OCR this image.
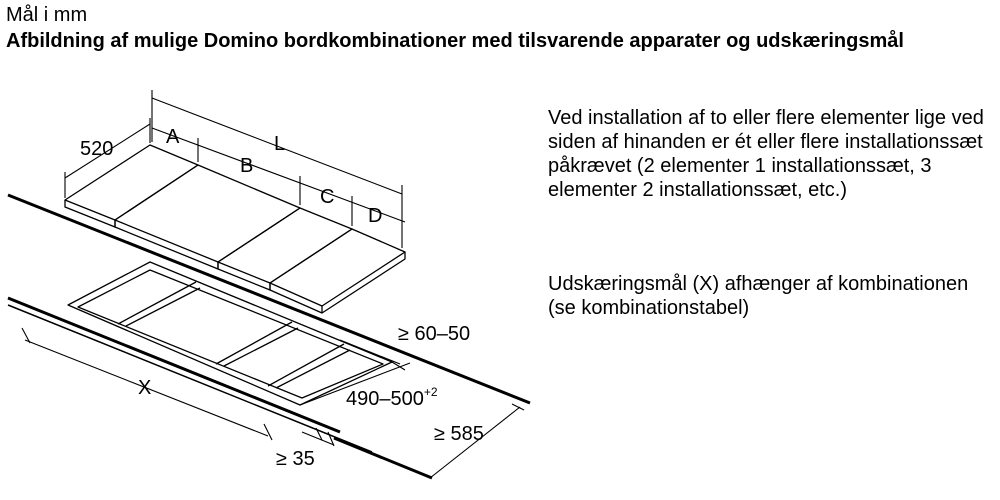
Mål i mm
Afbildning af mulige Domino bordkombinationer med tilsvarende apparater og udskæringsmål
Ved installation af to eller flere elementer lige ved siden af hinanden er ét eller flere installationssæt påkrævet (2 elementer 1 installationssæt, 3 elementer 2 installationssæt, etc.)
Udskæringsmål (X) afhænger af kombinationen (se kombinationstabel)
520
A
B
C
D
L
X
≥ 60–50
$490-500^{+2}$
≥ 585
≥ 35
